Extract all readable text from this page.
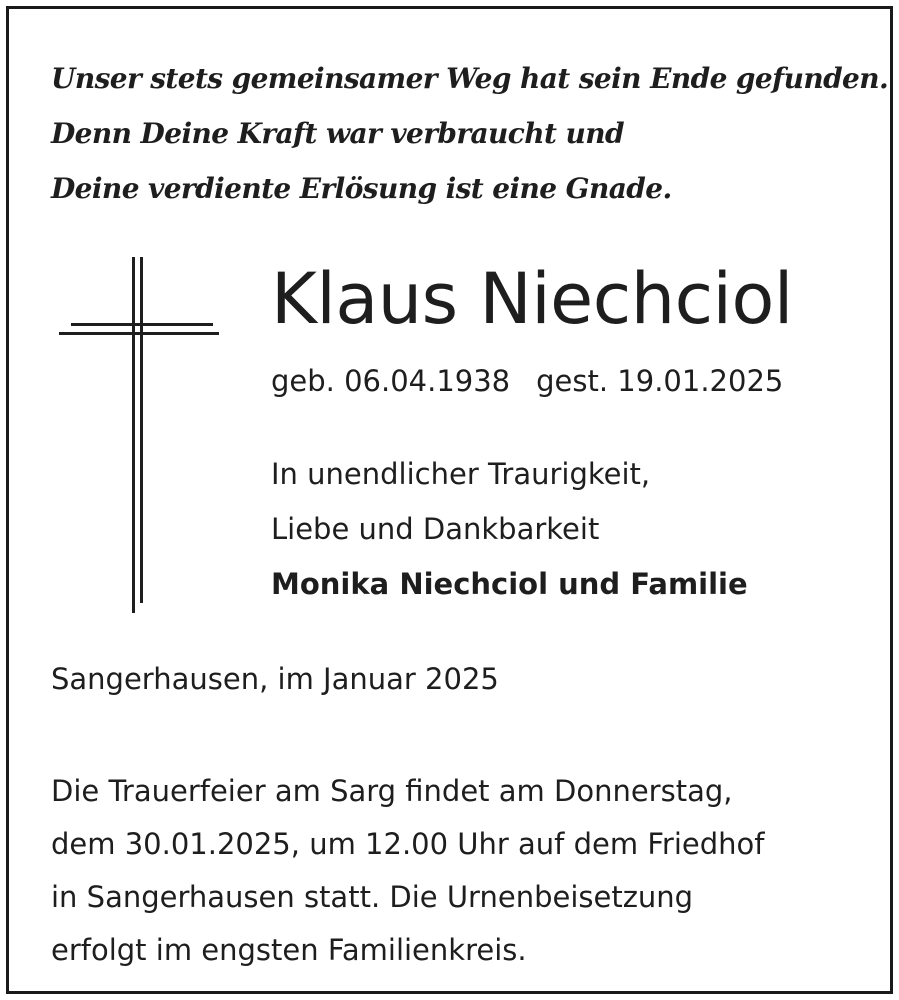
Unser stets gemeinsamer Weg hat sein Ende gefunden.
Denn Deine Kraft war verbraucht und
Deine verdiente Erlösung ist eine Gnade.
Klaus Niechciol
geb. 06.04.1938 gest. 19.01.2025
In unendlicher Traurigkeit,
Liebe und Dankbarkeit
Monika Niechciol und Familie
Sangerhausen, im Januar 2025
Die Trauerfeier am Sarg findet am Donnerstag,
dem 30.01.2025, um 12.00 Uhr auf dem Friedhof
in Sangerhausen statt. Die Urnenbeisetzung
erfolgt im engsten Familienkreis.
